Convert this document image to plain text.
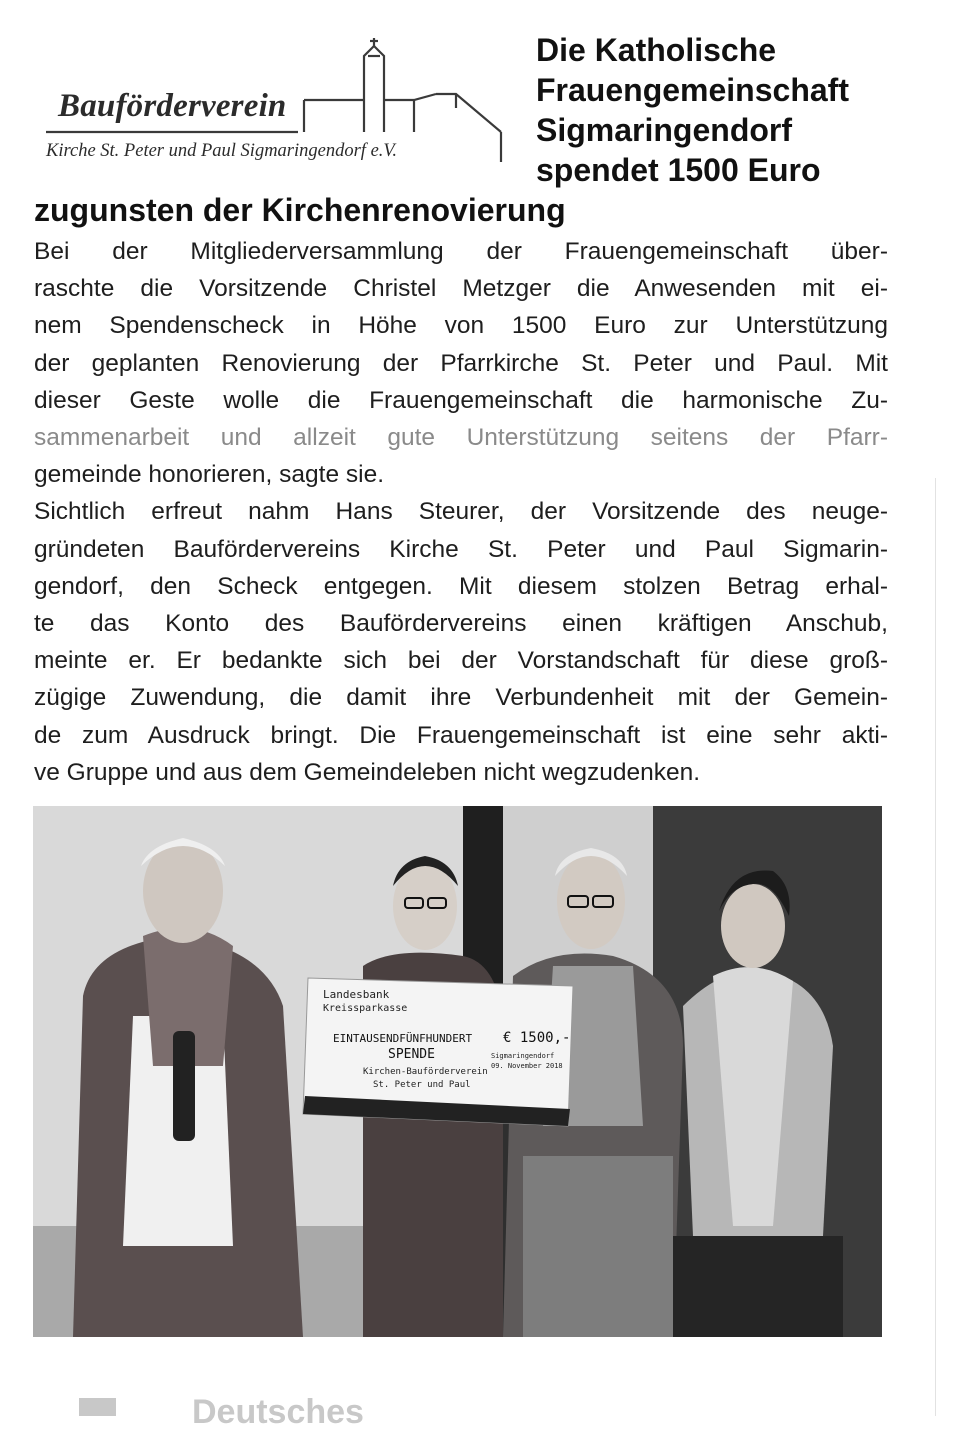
Bauförderverein
Kirche St. Peter und Paul Sigmaringendorf e.V.
Die Katholische
Frauengemeinschaft
Sigmaringendorf
spendet 1500 Euro
zugunsten der Kirchenrenovierung
Bei der Mitgliederversammlung der Frauengemeinschaft über-
raschte die Vorsitzende Christel Metzger die Anwesenden mit ei-
nem Spendenscheck in Höhe von 1500 Euro zur Unterstützung
der geplanten Renovierung der Pfarrkirche St. Peter und Paul. Mit
dieser Geste wolle die Frauengemeinschaft die harmonische Zu-
sammenarbeit und allzeit gute Unterstützung seitens der Pfarr-
gemeinde honorieren, sagte sie.
Sichtlich erfreut nahm Hans Steurer, der Vorsitzende des neuge-
gründeten Baufördervereins Kirche St. Peter und Paul Sigmarin-
gendorf, den Scheck entgegen. Mit diesem stolzen Betrag erhal-
te das Konto des Baufördervereins einen kräftigen Anschub,
meinte er. Er bedankte sich bei der Vorstandschaft für diese groß-
zügige Zuwendung, die damit ihre Verbundenheit mit der Gemein-
de zum Ausdruck bringt. Die Frauengemeinschaft ist eine sehr akti-
ve Gruppe und aus dem Gemeindeleben nicht wegzudenken.
Landesbank
Kreissparkasse
EINTAUSENDFÜNFHUNDERT € 1500,-
SPENDE	Sigmaringendorf
09. November 2018
Kirchen-Bauförderverein
St. Peter und Paul
Deutsches
